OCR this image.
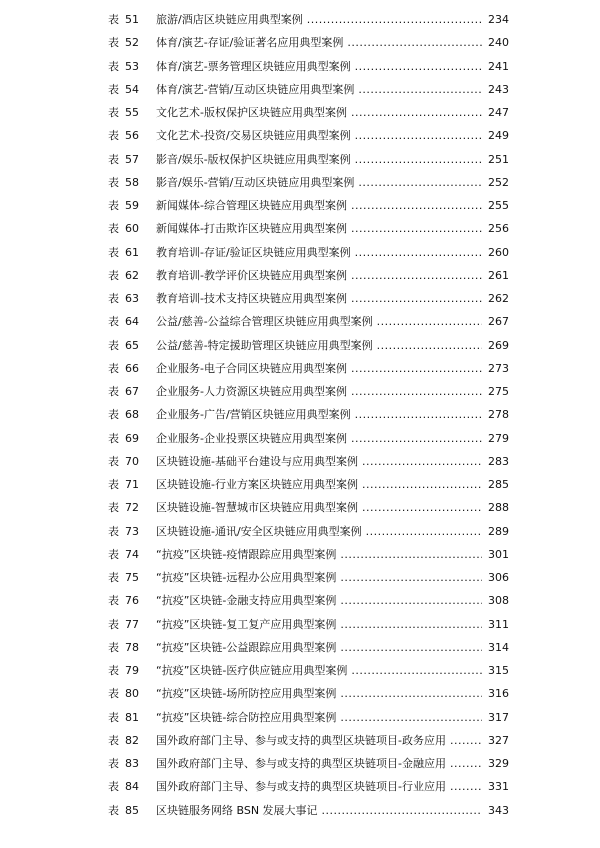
表 51	旅游/酒店区块链应用典型案例 .....	234
表 52	体育/演艺-存证/验证著名应用典型案例 .....	240
表 53	体育/演艺-票务管理区块链应用典型案例 .....	241
表 54	体育/演艺-营销/互动区块链应用典型案例 .....	243
表 55	文化艺术-版权保护区块链应用典型案例 .....	247
表 56	文化艺术-投资/交易区块链应用典型案例 .....	249
表 57	影音/娱乐-版权保护区块链应用典型案例 .....	251
表 58	影音/娱乐-营销/互动区块链应用典型案例 .....	252
表 59	新闻媒体-综合管理区块链应用典型案例 .....	255
表 60	新闻媒体-打击欺诈区块链应用典型案例 .....	256
表 61	教育培训-存证/验证区块链应用典型案例 .....	260
表 62	教育培训-教学评价区块链应用典型案例 .....	261
表 63	教育培训-技术支持区块链应用典型案例 .....	262
表 64	公益/慈善-公益综合管理区块链应用典型案例 .....	267
表 65	公益/慈善-特定援助管理区块链应用典型案例 .....	269
表 66	企业服务-电子合同区块链应用典型案例 .....	273
表 67	企业服务-人力资源区块链应用典型案例 .....	275
表 68	企业服务-广告/营销区块链应用典型案例 .....	278
表 69	企业服务-企业投票区块链应用典型案例 .....	279
表 70	区块链设施-基础平台建设与应用典型案例 .....	283
表 71	区块链设施-行业方案区块链应用典型案例 .....	285
表 72	区块链设施-智慧城市区块链应用典型案例 .....	288
表 73	区块链设施-通讯/安全区块链应用典型案例 .....	289
表 74	“抗疫”区块链-疫情跟踪应用典型案例 .....	301
表 75	“抗疫”区块链-远程办公应用典型案例 .....	306
表 76	“抗疫”区块链-金融支持应用典型案例 .....	308
表 77	“抗疫”区块链-复工复产应用典型案例 .....	311
表 78	“抗疫”区块链-公益跟踪应用典型案例 .....	314
表 79	“抗疫”区块链-医疗供应链应用典型案例 .....	315
表 80	“抗疫”区块链-场所防控应用典型案例 .....	316
表 81	“抗疫”区块链-综合防控应用典型案例 .....	317
表 82	国外政府部门主导、参与或支持的典型区块链项目-政务应用 .....	327
表 83	国外政府部门主导、参与或支持的典型区块链项目-金融应用 .....	329
表 84	国外政府部门主导、参与或支持的典型区块链项目-行业应用 .....	331
表 85	区块链服务网络 BSN 发展大事记 .....	343
